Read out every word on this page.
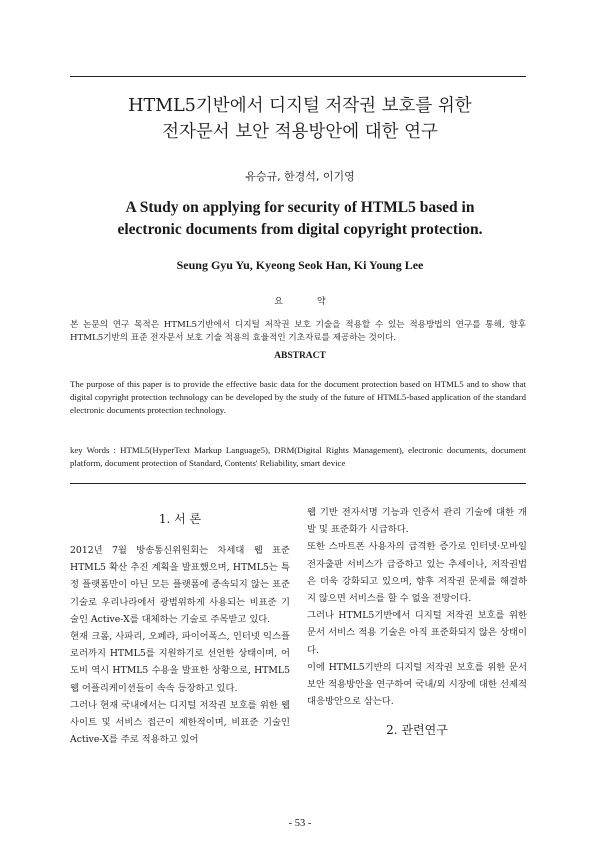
HTML5기반에서 디지털 저작권 보호를 위한
전자문서 보안 적용방안에 대한 연구
유승규, 한경석, 이기영
A Study on applying for security of HTML5 based in
electronic documents from digital copyright protection.
Seung Gyu Yu, Kyeong Seok Han, Ki Young Lee
요약
본 논문의 연구 목적은 HTML5기반에서 디지털 저작권 보호 기술을 적용할 수 있는 적용방법의 연구를 통해, 향후 HTML5기반의 표준 전자문서 보호 기술 적용의 효율적인 기초자료를 제공하는 것이다.
ABSTRACT
The purpose of this paper is to provide the effective basic data for the document protection based on HTML5 and to show that digital copyright protection technology can be developed by the study of the future of HTML5-based application of the standard electronic documents protection technology.
key Words : HTML5(HyperText Markup Language5), DRM(Digital Rights Management), electronic documents, document platform, document protection of Standard, Contents' Reliability, smart device
1. 서 론

2012년 7월 방송통신위원회는 차세대 웹 표준 HTML5 확산 추진 계획을 발표했으며, HTML5는 특정 플랫폼만이 아닌 모든 플랫폼에 종속되지 않는 표준기술로 우리나라에서 광범위하게 사용되는 비표준 기술인 Active-X를 대체하는 기술로 주목받고 있다.

현재 크롬, 사파리, 오페라, 파이어폭스, 인터넷 익스플로러까지 HTML5를 지원하기로 선언한 상태이며, 어도비 역시 HTML5 수용을 발표한 상황으로, HTML5 웹 어플리케이션들이 속속 등장하고 있다.

그러나 현재 국내에서는 디지털 저작권 보호를 위한 웹 사이트 및 서비스 접근이 제한적이며, 비표준 기술인 Active-X를 주로 적용하고 있어

웹 기반 전자서명 기능과 인증서 관리 기술에 대한 개발 및 표준화가 시급하다.

또한 스마트폰 사용자의 급격한 증가로 인터넷·모바일 전자출판 서비스가 급증하고 있는 추세이나, 저작권법은 더욱 강화되고 있으며, 향후 저작권 문제를 해결하지 않으면 서비스를 할 수 없을 전망이다.

그러나 HTML5기반에서 디지털 저작권 보호를 위한 문서 서비스 적용 기술은 아직 표준화되지 않은 상태이다.

이에 HTML5기반의 디지털 저작권 보호를 위한 문서보안 적용방안을 연구하여 국내/외 시장에 대한 선제적 대응방안으로 삼는다.

2. 관련연구
- 53 -
